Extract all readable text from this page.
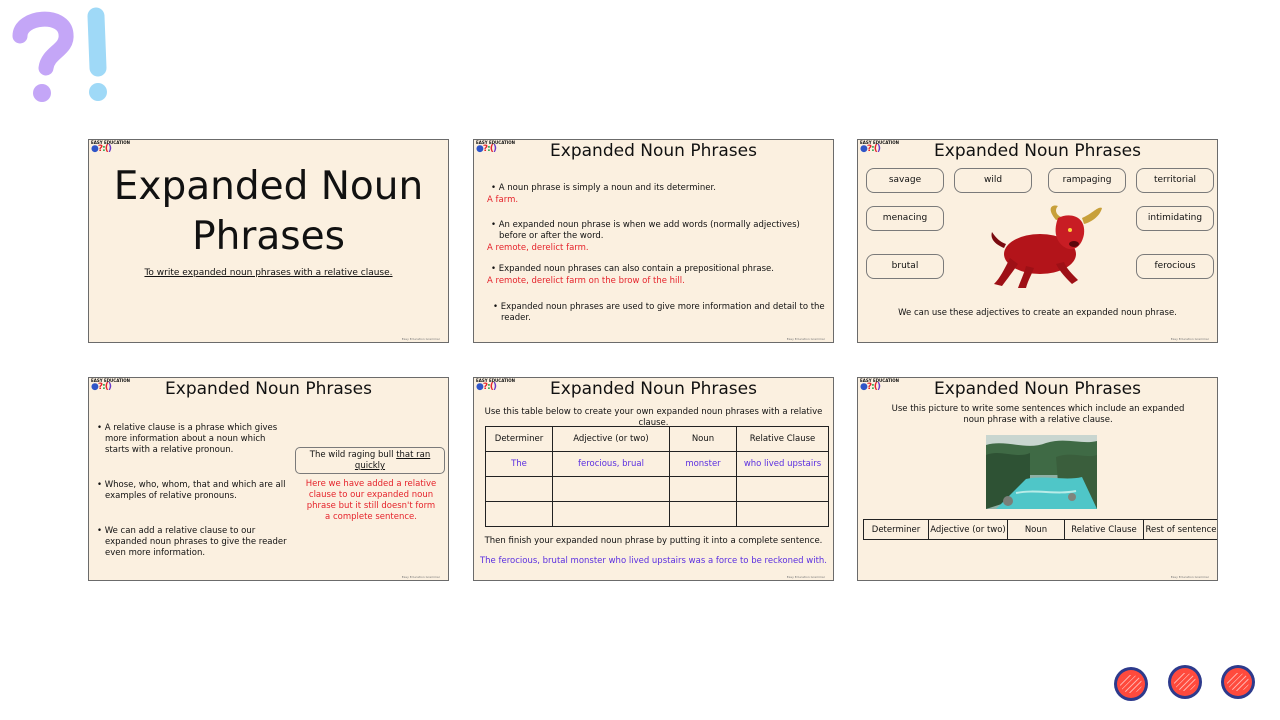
EASY EDUCATION
●?:()
Expanded Noun Phrases
To write expanded noun phrases with a relative clause.
Easy Education Grammar
EASY EDUCATION
●?:()	Expanded Noun Phrases
• A noun phrase is simply a noun and its determiner.
A farm.
• An expanded noun phrase is when we add words (normally adjectives) before or after the word.
A remote, derelict farm.
• Expanded noun phrases can also contain a prepositional phrase.
A remote, derelict farm on the brow of the hill.
• Expanded noun phrases are used to give more information and detail to the reader.
Easy Education Grammar
EASY EDUCATION
●?:()	Expanded Noun Phrases
savage	wild	rampaging	territorial
menacing	intimidating
brutal	ferocious
We can use these adjectives to create an expanded noun phrase.
Easy Education Grammar
EASY EDUCATION
●?:()	Expanded Noun Phrases
• A relative clause is a phrase which gives more information about a noun which starts with a relative pronoun.
• Whose, who, whom, that and which are all examples of relative pronouns.
• We can add a relative clause to our expanded noun phrases to give the reader even more information.
The wild raging bull that ran quickly
Here we have added a relative clause to our expanded noun phrase but it still doesn't form a complete sentence.
Easy Education Grammar
EASY EDUCATION
●?:()	Expanded Noun Phrases
Use this table below to create your own expanded noun phrases with a relative clause.
Determiner	Adjective (or two)	Noun	Relative Clause
The	ferocious, brual	monster	who lived upstairs

Then finish your expanded noun phrase by putting it into a complete sentence.
The ferocious, brutal monster who lived upstairs was a force to be reckoned with.
Easy Education Grammar
EASY EDUCATION
●?:()	Expanded Noun Phrases
Use this picture to write some sentences which include an expanded noun phrase with a relative clause.
Determiner	Adjective (or two)	Noun	Relative Clause	Rest of sentence
Easy Education Grammar
